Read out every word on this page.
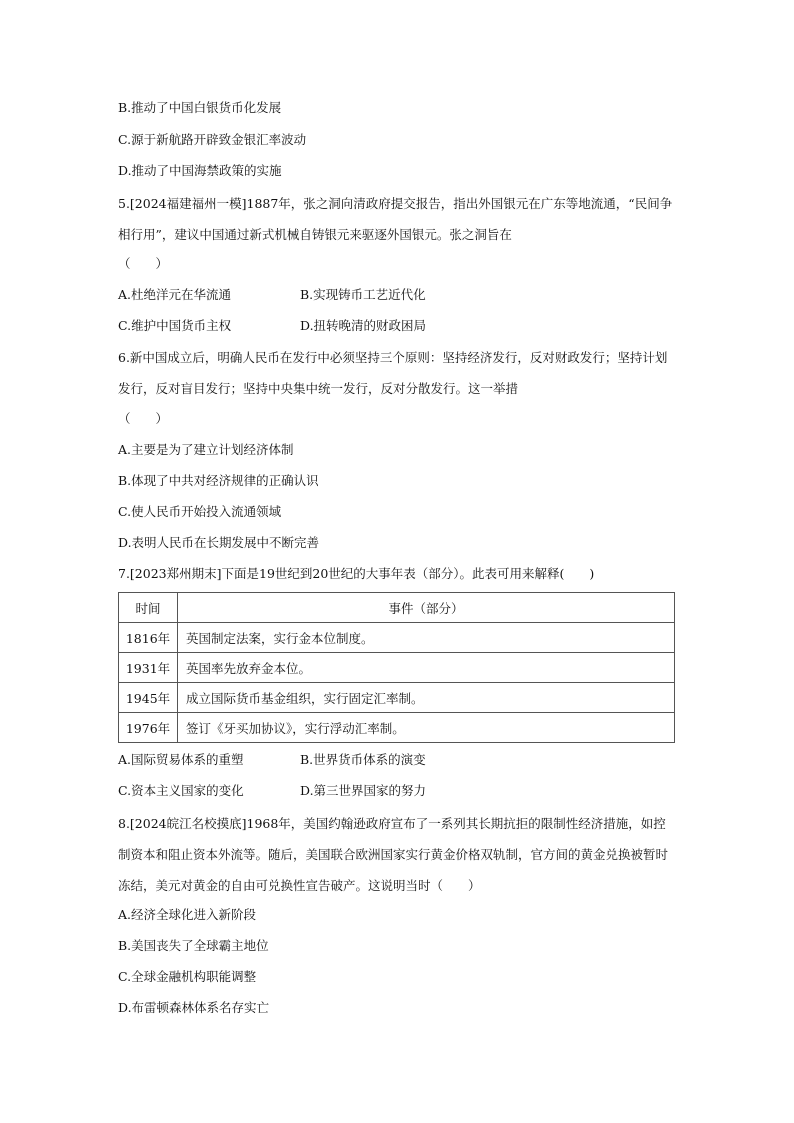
B.推动了中国白银货币化发展
C.源于新航路开辟致金银汇率波动
D.推动了中国海禁政策的实施
5.[2024福建福州一模]1887年，张之洞向清政府提交报告，指出外国银元在广东等地流通，“民间争相行用”，建议中国通过新式机械自铸银元来驱逐外国银元。张之洞旨在
（　　）
A.杜绝洋元在华流通	B.实现铸币工艺近代化
C.维护中国货币主权	D.扭转晚清的财政困局
6.新中国成立后，明确人民币在发行中必须坚持三个原则：坚持经济发行，反对财政发行；坚持计划发行，反对盲目发行；坚持中央集中统一发行，反对分散发行。这一举措
（　　）
A.主要是为了建立计划经济体制
B.体现了中共对经济规律的正确认识
C.使人民币开始投入流通领域
D.表明人民币在长期发展中不断完善
7.[2023郑州期末]下面是19世纪到20世纪的大事年表（部分）。此表可用来解释(　　)
时间	事件（部分）
1816年	英国制定法案，实行金本位制度。
1931年	英国率先放弃金本位。
1945年	成立国际货币基金组织，实行固定汇率制。
1976年	签订《牙买加协议》，实行浮动汇率制。
A.国际贸易体系的重塑	B.世界货币体系的演变
C.资本主义国家的变化	D.第三世界国家的努力
8.[2024皖江名校摸底]1968年，美国约翰逊政府宣布了一系列其长期抗拒的限制性经济措施，如控制资本和阻止资本外流等。随后，美国联合欧洲国家实行黄金价格双轨制，官方间的黄金兑换被暂时冻结，美元对黄金的自由可兑换性宣告破产。这说明当时（　　）
A.经济全球化进入新阶段
B.美国丧失了全球霸主地位
C.全球金融机构职能调整
D.布雷顿森林体系名存实亡
